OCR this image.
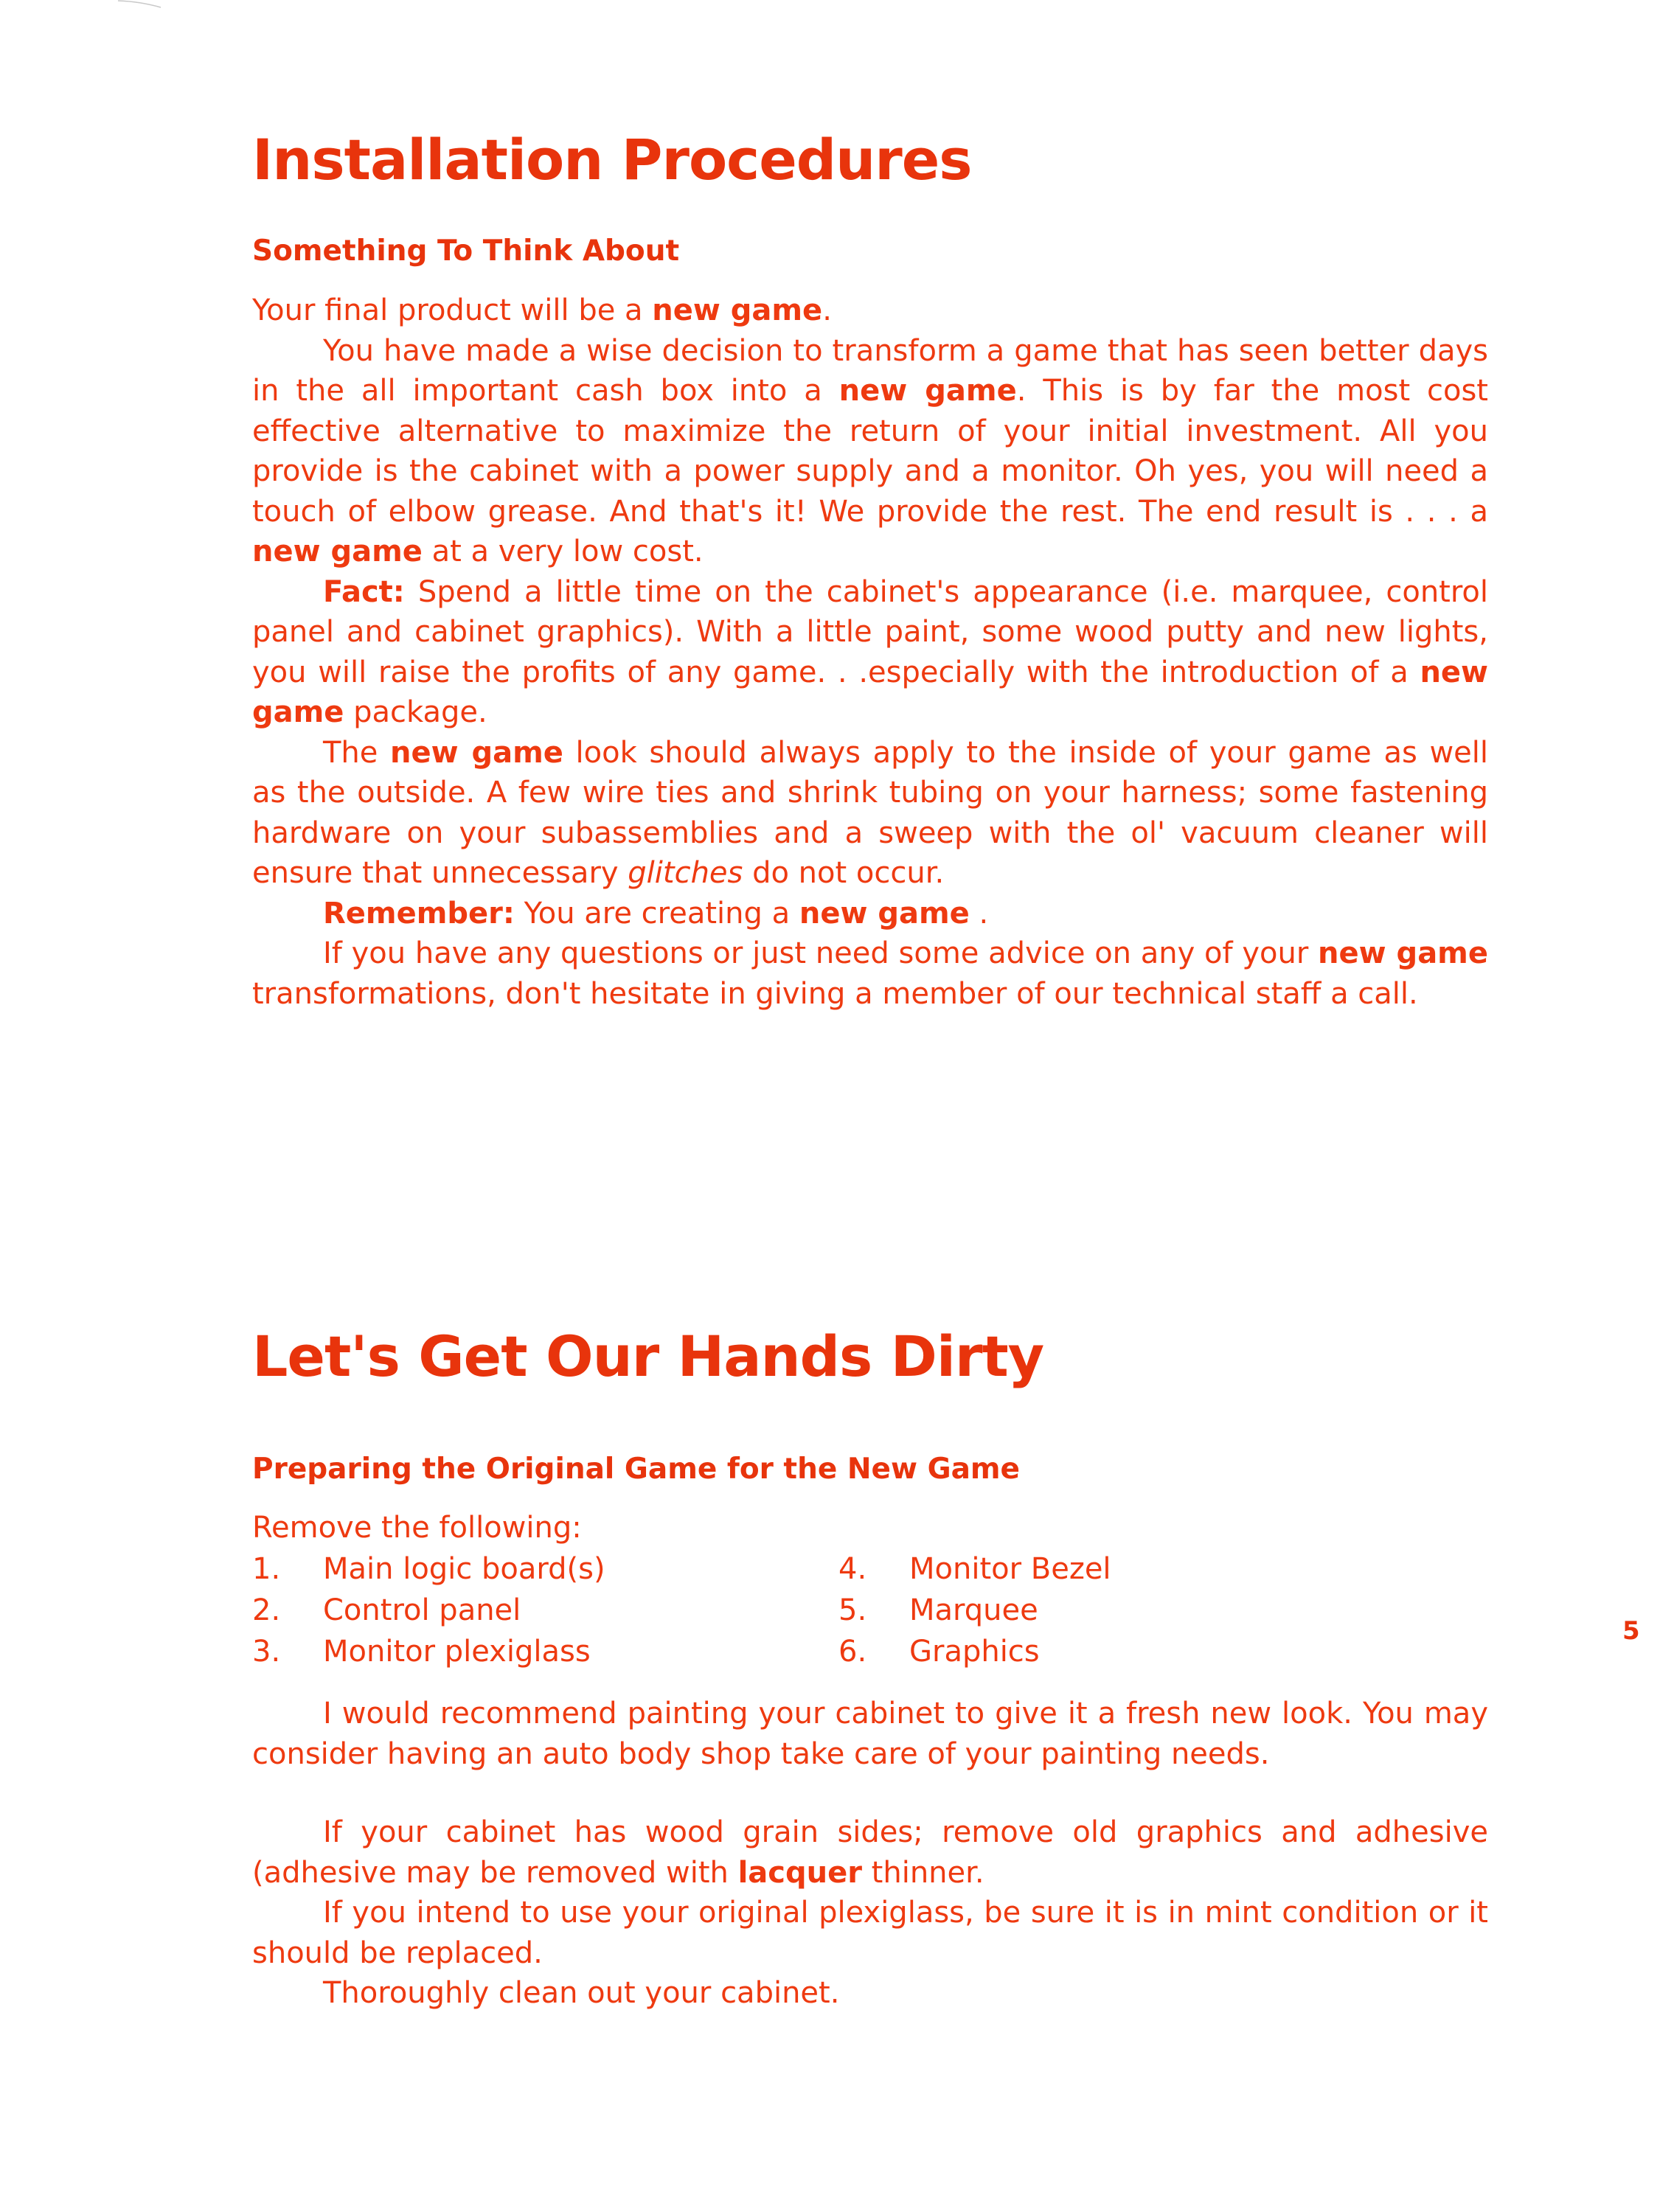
Installation Procedures
Something To Think About

Your final product will be a new game.

You have made a wise decision to transform a game that has seen better days in the all important cash box into a new game. This is by far the most cost effective alternative to maximize the return of your initial investment. All you provide is the cabinet with a power supply and a monitor. Oh yes, you will need a touch of elbow grease. And that's it! We provide the rest. The end result is . . . a new game at a very low cost.

Fact: Spend a little time on the cabinet's appearance (i.e. marquee, control panel and cabinet graphics). With a little paint, some wood putty and new lights, you will raise the profits of any game. . .especially with the introduction of a new game package.

The new game look should always apply to the inside of your game as well as the outside. A few wire ties and shrink tubing on your harness; some fastening hardware on your subassemblies and a sweep with the ol' vacuum cleaner will ensure that unnecessary glitches do not occur.

Remember: You are creating a new game .

If you have any questions or just need some advice on any of your new game transformations, don't hesitate in giving a member of our technical staff a call.

Let's Get Our Hands Dirty
Preparing the Original Game for the New Game

Remove the following:

1. Main logic board(s)
2. Control panel
3. Monitor plexiglass
4. Monitor Bezel
5. Marquee
6. Graphics

I would recommend painting your cabinet to give it a fresh new look. You may consider having an auto body shop take care of your painting needs.

If your cabinet has wood grain sides; remove old graphics and adhesive (adhesive may be removed with lacquer thinner.

If you intend to use your original plexiglass, be sure it is in mint condition or it should be replaced.

Thoroughly clean out your cabinet.

5
